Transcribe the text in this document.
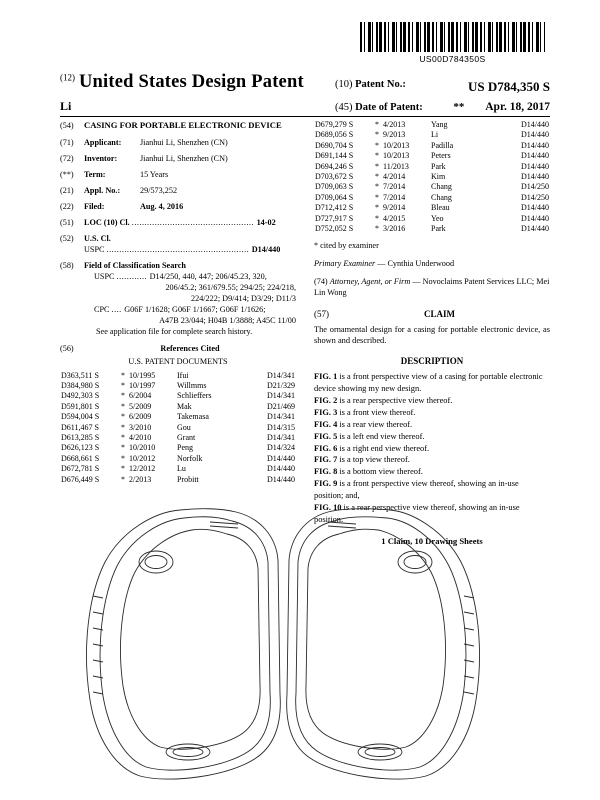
US00D784350S
$^{(12)}$ United States Design Patent	(10) Patent No.:	US D784,350 S
Li	(45) Date of Patent:	** Apr. 18, 2017
(54)	CASING FOR PORTABLE ELECTRONIC DEVICE
(71)	Applicant:	Jianhui Li, Shenzhen (CN)
(72)	Inventor:	Jianhui Li, Shenzhen (CN)
(**)	Term:	15 Years
(21)	Appl. No.:	29/573,252
(22)	Filed:	Aug. 4, 2016
(51)	LOC (10) Cl. ................................................ 14-02
(52)	U.S. Cl.
USPC ........................................................ D14/440
(58)	Field of Classification Search
USPC ............ D14/250, 440, 447; 206/45.23, 320,
206/45.2; 361/679.55; 294/25; 224/218,
224/222; D9/414; D3/29; D11/3
CPC .... G06F 1/1628; G06F 1/1667; G06F 1/1626;
A47B 23/044; H04B 1/3888; A45C 11/00
See application file for complete search history.
(56)	References Cited
U.S. PATENT DOCUMENTS
D363,511 S	*	10/1995	Ifui	D14/341
D384,980 S	*	10/1997	Willmms	D21/329
D492,303 S	*	6/2004	Schlieffers	D14/341
D591,801 S	*	5/2009	Mak	D21/469
D594,004 S	*	6/2009	Takemasa	D14/341
D611,467 S	*	3/2010	Gou	D14/315
D613,285 S	*	4/2010	Grant	D14/341
D626,123 S	*	10/2010	Peng	D14/324
D668,661 S	*	10/2012	Norfolk	D14/440
D672,781 S	*	12/2012	Lu	D14/440
D676,449 S	*	2/2013	Probitt	D14/440
D679,279 S	*	4/2013	Yang	D14/440
D689,056 S	*	9/2013	Li	D14/440
D690,704 S	*	10/2013	Padilla	D14/440
D691,144 S	*	10/2013	Peters	D14/440
D694,246 S	*	11/2013	Park	D14/440
D703,672 S	*	4/2014	Kim	D14/440
D709,063 S	*	7/2014	Chang	D14/250
D709,064 S	*	7/2014	Chang	D14/250
D712,412 S	*	9/2014	Bleau	D14/440
D727,917 S	*	4/2015	Yeo	D14/440
D752,052 S	*	3/2016	Park	D14/440
* cited by examiner
Primary Examiner — Cynthia Underwood
(74) Attorney, Agent, or Firm — Novoclaims Patent Services LLC; Mei Lin Wong
(57)	CLAIM
The ornamental design for a casing for portable electronic device, as shown and described.
DESCRIPTION
FIG. 1 is a front perspective view of a casing for portable electronic device showing my new design.
FIG. 2 is a rear perspective view thereof.
FIG. 3 is a front view thereof.
FIG. 4 is a rear view thereof.
FIG. 5 is a left end view thereof.
FIG. 6 is a right end view thereof.
FIG. 7 is a top view thereof.
FIG. 8 is a bottom view thereof.
FIG. 9 is a front perspective view thereof, showing an in-use position; and,
FIG. 10 is a rear perspective view thereof, showing an in-use position.
1 Claim, 10 Drawing Sheets
